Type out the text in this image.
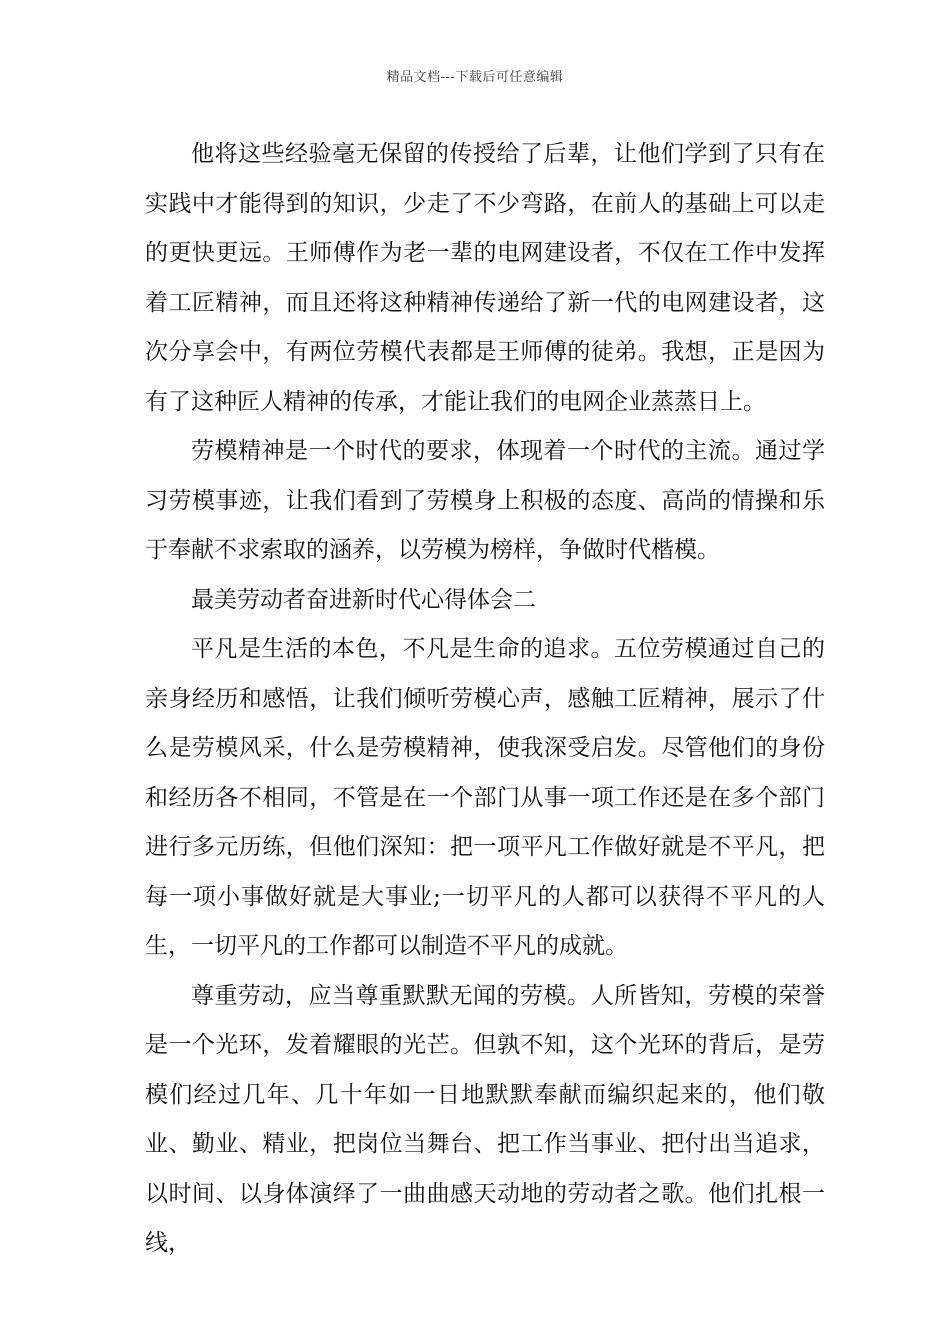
精品文档---下载后可任意编辑

他将这些经验毫无保留的传授给了后辈，让他们学到了只有在实践中才能得到的知识，少走了不少弯路，在前人的基础上可以走的更快更远。王师傅作为老一辈的电网建设者，不仅在工作中发挥着工匠精神，而且还将这种精神传递给了新一代的电网建设者，这次分享会中，有两位劳模代表都是王师傅的徒弟。我想，正是因为有了这种匠人精神的传承，才能让我们的电网企业蒸蒸日上。

劳模精神是一个时代的要求，体现着一个时代的主流。通过学习劳模事迹，让我们看到了劳模身上积极的态度、高尚的情操和乐于奉献不求索取的涵养，以劳模为榜样，争做时代楷模。

最美劳动者奋进新时代心得体会二

平凡是生活的本色，不凡是生命的追求。五位劳模通过自己的亲身经历和感悟，让我们倾听劳模心声，感触工匠精神，展示了什么是劳模风采，什么是劳模精神，使我深受启发。尽管他们的身份和经历各不相同，不管是在一个部门从事一项工作还是在多个部门进行多元历练，但他们深知：把一项平凡工作做好就是不平凡，把每一项小事做好就是大事业;一切平凡的人都可以获得不平凡的人生，一切平凡的工作都可以制造不平凡的成就。

尊重劳动，应当尊重默默无闻的劳模。人所皆知，劳模的荣誉是一个光环，发着耀眼的光芒。但孰不知，这个光环的背后，是劳模们经过几年、几十年如一日地默默奉献而编织起来的，他们敬业、勤业、精业，把岗位当舞台、把工作当事业、把付出当追求，以时间、以身体演绎了一曲曲感天动地的劳动者之歌。他们扎根一线，
